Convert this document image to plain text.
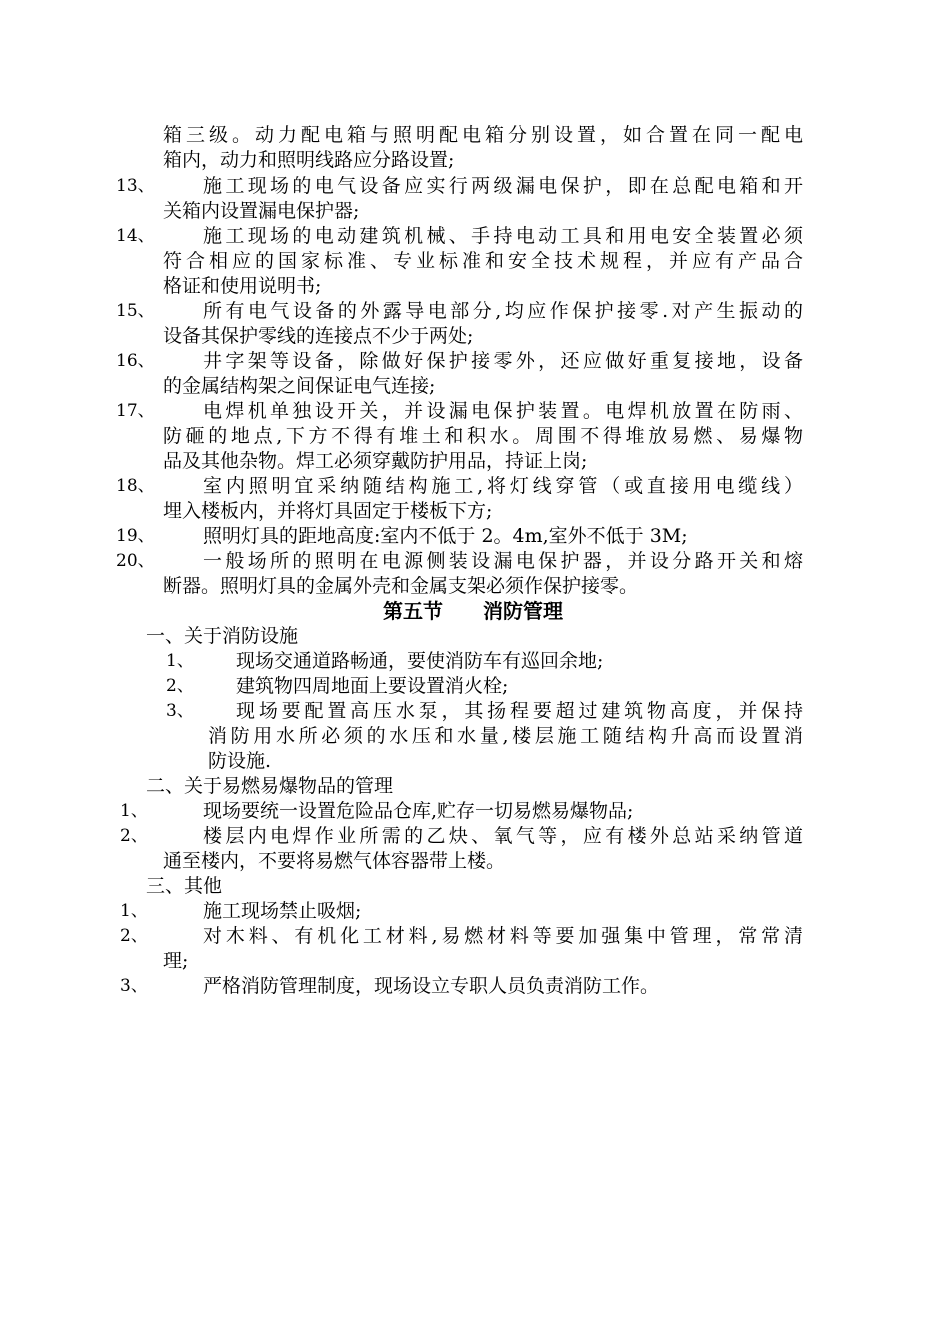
箱三级。动力配电箱与照明配电箱分别设置，如合置在同一配电
箱内，动力和照明线路应分路设置;
13、	施工现场的电气设备应实行两级漏电保护，即在总配电箱和开
关箱内设置漏电保护器;
14、	施工现场的电动建筑机械、手持电动工具和用电安全装置必须
符合相应的国家标准、专业标准和安全技术规程，并应有产品合
格证和使用说明书;
15、	所有电气设备的外露导电部分,均应作保护接零.对产生振动的
设备其保护零线的连接点不少于两处;
16、	井字架等设备，除做好保护接零外，还应做好重复接地，设备
的金属结构架之间保证电气连接;
17、	电焊机单独设开关，并设漏电保护装置。电焊机放置在防雨、
防砸的地点,下方不得有堆土和积水。周围不得堆放易燃、易爆物
品及其他杂物。焊工必须穿戴防护用品，持证上岗;
18、	室内照明宜采纳随结构施工,将灯线穿管（或直接用电缆线）
埋入楼板内，并将灯具固定于楼板下方;
19、	照明灯具的距地高度:室内不低于 2。4m,室外不低于 3M;
20、	一般场所的照明在电源侧装设漏电保护器，并设分路开关和熔
断器。照明灯具的金属外壳和金属支架必须作保护接零。
第五节 消防管理
一、关于消防设施
1、 现场交通道路畅通，要使消防车有巡回余地;
2、 建筑物四周地面上要设置消火栓;
3、 现场要配置高压水泵，其扬程要超过建筑物高度，并保持
消防用水所必须的水压和水量,楼层施工随结构升高而设置消
防设施.
二、关于易燃易爆物品的管理
1、	现场要统一设置危险品仓库,贮存一切易燃易爆物品;
2、	楼层内电焊作业所需的乙炔、氧气等，应有楼外总站采纳管道
通至楼内，不要将易燃气体容器带上楼。
三、其他
1、	施工现场禁止吸烟;
2、	对木料、有机化工材料,易燃材料等要加强集中管理，常常清
理;
3、	严格消防管理制度，现场设立专职人员负责消防工作。
